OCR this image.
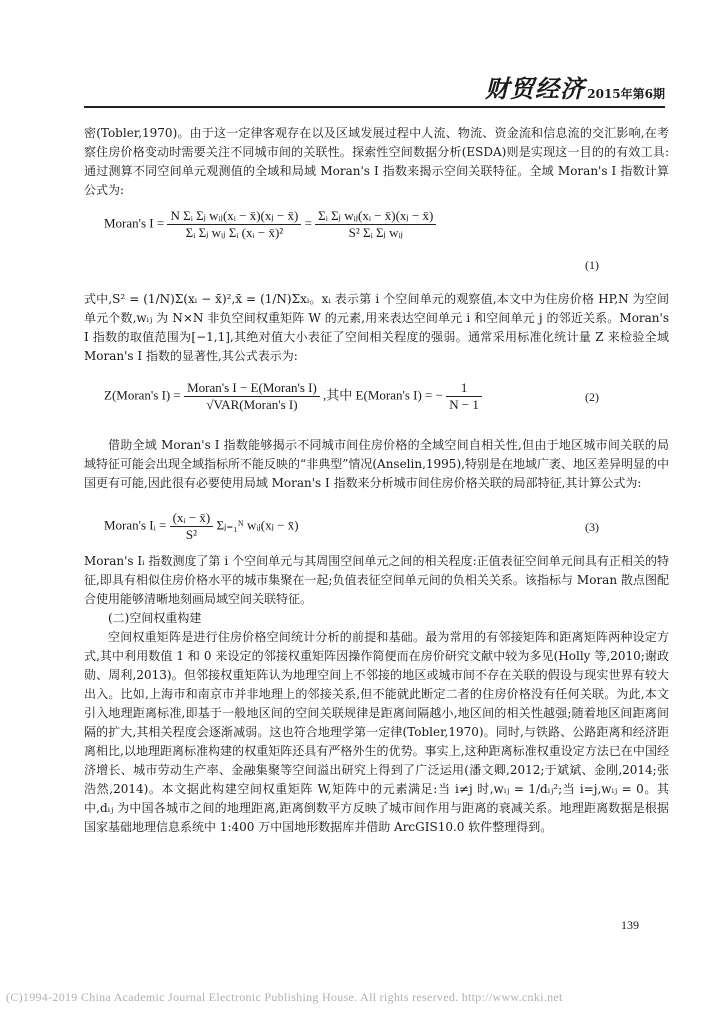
财贸经济 2015年第6期

密(Tobler,1970)。由于这一定律客观存在以及区域发展过程中人流、物流、资金流和信息流的交汇影响,在考察住房价格变动时需要关注不同城市间的关联性。探索性空间数据分析(ESDA)则是实现这一目的的有效工具:通过测算不同空间单元观测值的全域和局域 Moran's I 指数来揭示空间关联特征。全域 Moran's I 指数计算公式为:

Moran's $I = \frac{\text{N Σᵢ Σⱼ wᵢⱼ(xᵢ − x̄)(xⱼ − x̄)}}{\text{Σᵢ Σⱼ wᵢⱼ Σᵢ (xᵢ − x̄)²}} = \frac{\text{Σᵢ Σⱼ wᵢⱼ(xᵢ − x̄)(xⱼ − x̄)}}{\text{S² Σᵢ Σⱼ wᵢⱼ}}$
(1)

式中,S² = (1/N)Σ(xᵢ − x̄)²,x̄ = (1/N)Σxᵢ。xᵢ 表示第 i 个空间单元的观察值,本文中为住房价格 HP,N 为空间单元个数,wᵢⱼ 为 N×N 非负空间权重矩阵 W 的元素,用来表达空间单元 i 和空间单元 j 的邻近关系。Moran's I 指数的取值范围为[−1,1],其绝对值大小表征了空间相关程度的强弱。通常采用标准化统计量 Z 来检验全域 Moran's I 指数的显著性,其公式表示为:

Z(Moran's $I) = \frac{\text{Moran's I − E(Moran's I)}}{\text{√VAR(Moran's I)}}$ ,其中 E(Moran's I) = − $\frac{1}{N - 1}$	(2)

借助全域 Moran's I 指数能够揭示不同城市间住房价格的全域空间自相关性,但由于地区城市间关联的局域特征可能会出现全域指标所不能反映的“非典型”情况(Anselin,1995),特别是在地域广袤、地区差异明显的中国更有可能,因此很有必要使用局域 Moran's I 指数来分析城市间住房价格关联的局部特征,其计算公式为:

Moran's Iᵢ = $\frac{\text{(xᵢ − x̄)}}{\text{S²}}$ Σⱼ₌₁ᴺ wᵢⱼ(xⱼ − x̄)	(3)

Moran's Iᵢ 指数测度了第 i 个空间单元与其周围空间单元之间的相关程度:正值表征空间单元间具有正相关的特征,即具有相似住房价格水平的城市集聚在一起;负值表征空间单元间的负相关关系。该指标与 Moran 散点图配合使用能够清晰地刻画局域空间关联特征。

(二)空间权重构建

空间权重矩阵是进行住房价格空间统计分析的前提和基础。最为常用的有邻接矩阵和距离矩阵两种设定方式,其中利用数值 1 和 0 来设定的邻接权重矩阵因操作简便而在房价研究文献中较为多见(Holly 等,2010;谢政勋、周利,2013)。但邻接权重矩阵认为地理空间上不邻接的地区或城市间不存在关联的假设与现实世界有较大出入。比如,上海市和南京市并非地理上的邻接关系,但不能就此断定二者的住房价格没有任何关联。为此,本文引入地理距离标准,即基于一般地区间的空间关联规律是距离间隔越小,地区间的相关性越强;随着地区间距离间隔的扩大,其相关程度会逐渐减弱。这也符合地理学第一定律(Tobler,1970)。同时,与铁路、公路距离和经济距离相比,以地理距离标准构建的权重矩阵还具有严格外生的优势。事实上,这种距离标准权重设定方法已在中国经济增长、城市劳动生产率、金融集聚等空间溢出研究上得到了广泛运用(潘文卿,2012;于斌斌、金刚,2014;张浩然,2014)。本文据此构建空间权重矩阵 W,矩阵中的元素满足:当 i≠j 时,wᵢⱼ = 1/dᵢⱼ²;当 i=j,wᵢⱼ = 0。其中,dᵢⱼ 为中国各城市之间的地理距离,距离倒数平方反映了城市间作用与距离的衰减关系。地理距离数据是根据国家基础地理信息系统中 1:400 万中国地形数据库并借助 ArcGIS10.0 软件整理得到。

139
(C)1994-2019 China Academic Journal Electronic Publishing House. All rights reserved. http://www.cnki.net
